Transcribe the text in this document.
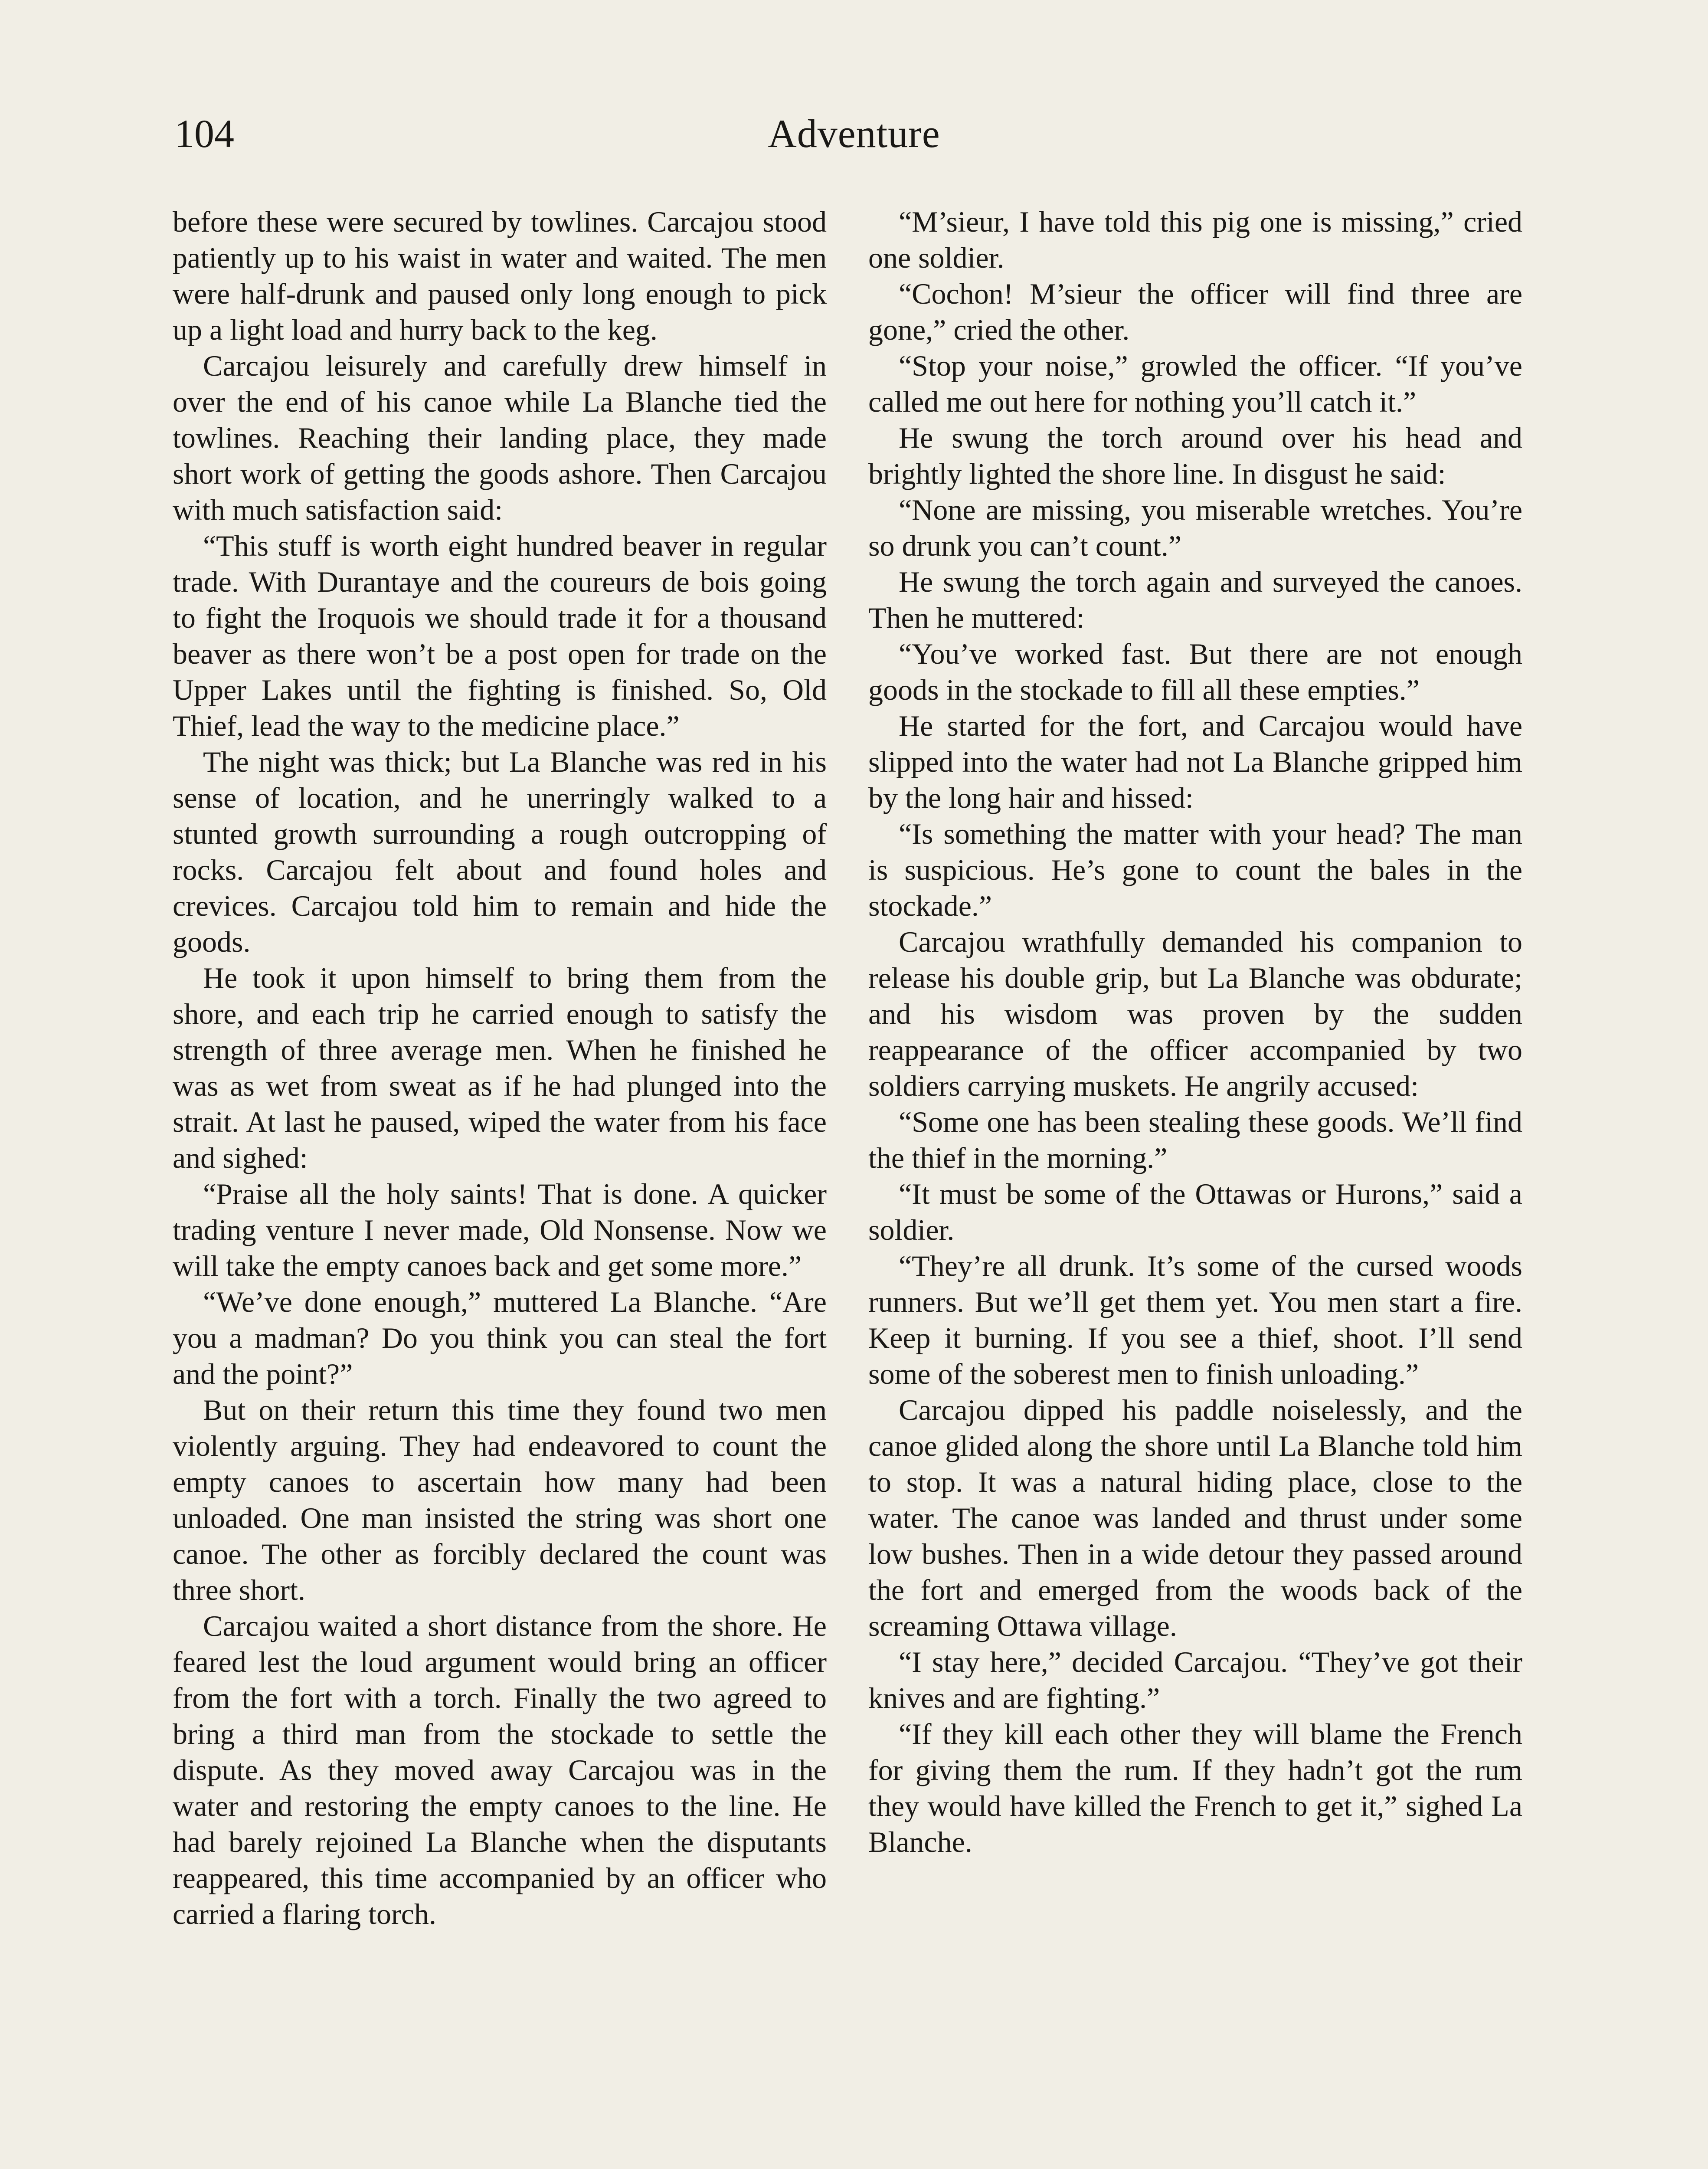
104	Adventure

before these were secured by towlines. Carcajou stood patiently up to his waist in water and waited. The men were half-drunk and paused only long enough to pick up a light load and hurry back to the keg.

Carcajou leisurely and carefully drew himself in over the end of his canoe while La Blanche tied the towlines. Reaching their landing place, they made short work of getting the goods ashore. Then Carcajou with much satisfaction said:

“This stuff is worth eight hundred beaver in regular trade. With Durantaye and the coureurs de bois going to fight the Iroquois we should trade it for a thousand beaver as there won’t be a post open for trade on the Upper Lakes until the fighting is finished. So, Old Thief, lead the way to the medicine place.”

The night was thick; but La Blanche was red in his sense of location, and he unerringly walked to a stunted growth surrounding a rough outcropping of rocks. Carcajou felt about and found holes and crevices. Carcajou told him to remain and hide the goods.

He took it upon himself to bring them from the shore, and each trip he carried enough to satisfy the strength of three average men. When he finished he was as wet from sweat as if he had plunged into the strait. At last he paused, wiped the water from his face and sighed:

“Praise all the holy saints! That is done. A quicker trading venture I never made, Old Nonsense. Now we will take the empty canoes back and get some more.”

“We’ve done enough,” muttered La Blanche. “Are you a madman? Do you think you can steal the fort and the point?”

But on their return this time they found two men violently arguing. They had endeavored to count the empty canoes to ascertain how many had been unloaded. One man insisted the string was short one canoe. The other as forcibly declared the count was three short.

Carcajou waited a short distance from the shore. He feared lest the loud argument would bring an officer from the fort with a torch. Finally the two agreed to bring a third man from the stockade to settle the dispute. As they moved away Carcajou was in the water and restoring the empty canoes to the line. He had barely rejoined La Blanche when the disputants reappeared, this time accompanied by an officer who carried a flaring torch.

“M’sieur, I have told this pig one is missing,” cried one soldier.

“Cochon! M’sieur the officer will find three are gone,” cried the other.

“Stop your noise,” growled the officer. “If you’ve called me out here for nothing you’ll catch it.”

He swung the torch around over his head and brightly lighted the shore line. In disgust he said:

“None are missing, you miserable wretches. You’re so drunk you can’t count.”

He swung the torch again and surveyed the canoes. Then he muttered:

“You’ve worked fast. But there are not enough goods in the stockade to fill all these empties.”

He started for the fort, and Carcajou would have slipped into the water had not La Blanche gripped him by the long hair and hissed:

“Is something the matter with your head? The man is suspicious. He’s gone to count the bales in the stockade.”

Carcajou wrathfully demanded his companion to release his double grip, but La Blanche was obdurate; and his wisdom was proven by the sudden reappearance of the officer accompanied by two soldiers carrying muskets. He angrily accused:

“Some one has been stealing these goods. We’ll find the thief in the morning.”

“It must be some of the Ottawas or Hurons,” said a soldier.

“They’re all drunk. It’s some of the cursed woods runners. But we’ll get them yet. You men start a fire. Keep it burning. If you see a thief, shoot. I’ll send some of the soberest men to finish unloading.”

Carcajou dipped his paddle noiselessly, and the canoe glided along the shore until La Blanche told him to stop. It was a natural hiding place, close to the water. The canoe was landed and thrust under some low bushes. Then in a wide detour they passed around the fort and emerged from the woods back of the screaming Ottawa village.

“I stay here,” decided Carcajou. “They’ve got their knives and are fighting.”

“If they kill each other they will blame the French for giving them the rum. If they hadn’t got the rum they would have killed the French to get it,” sighed La Blanche.
